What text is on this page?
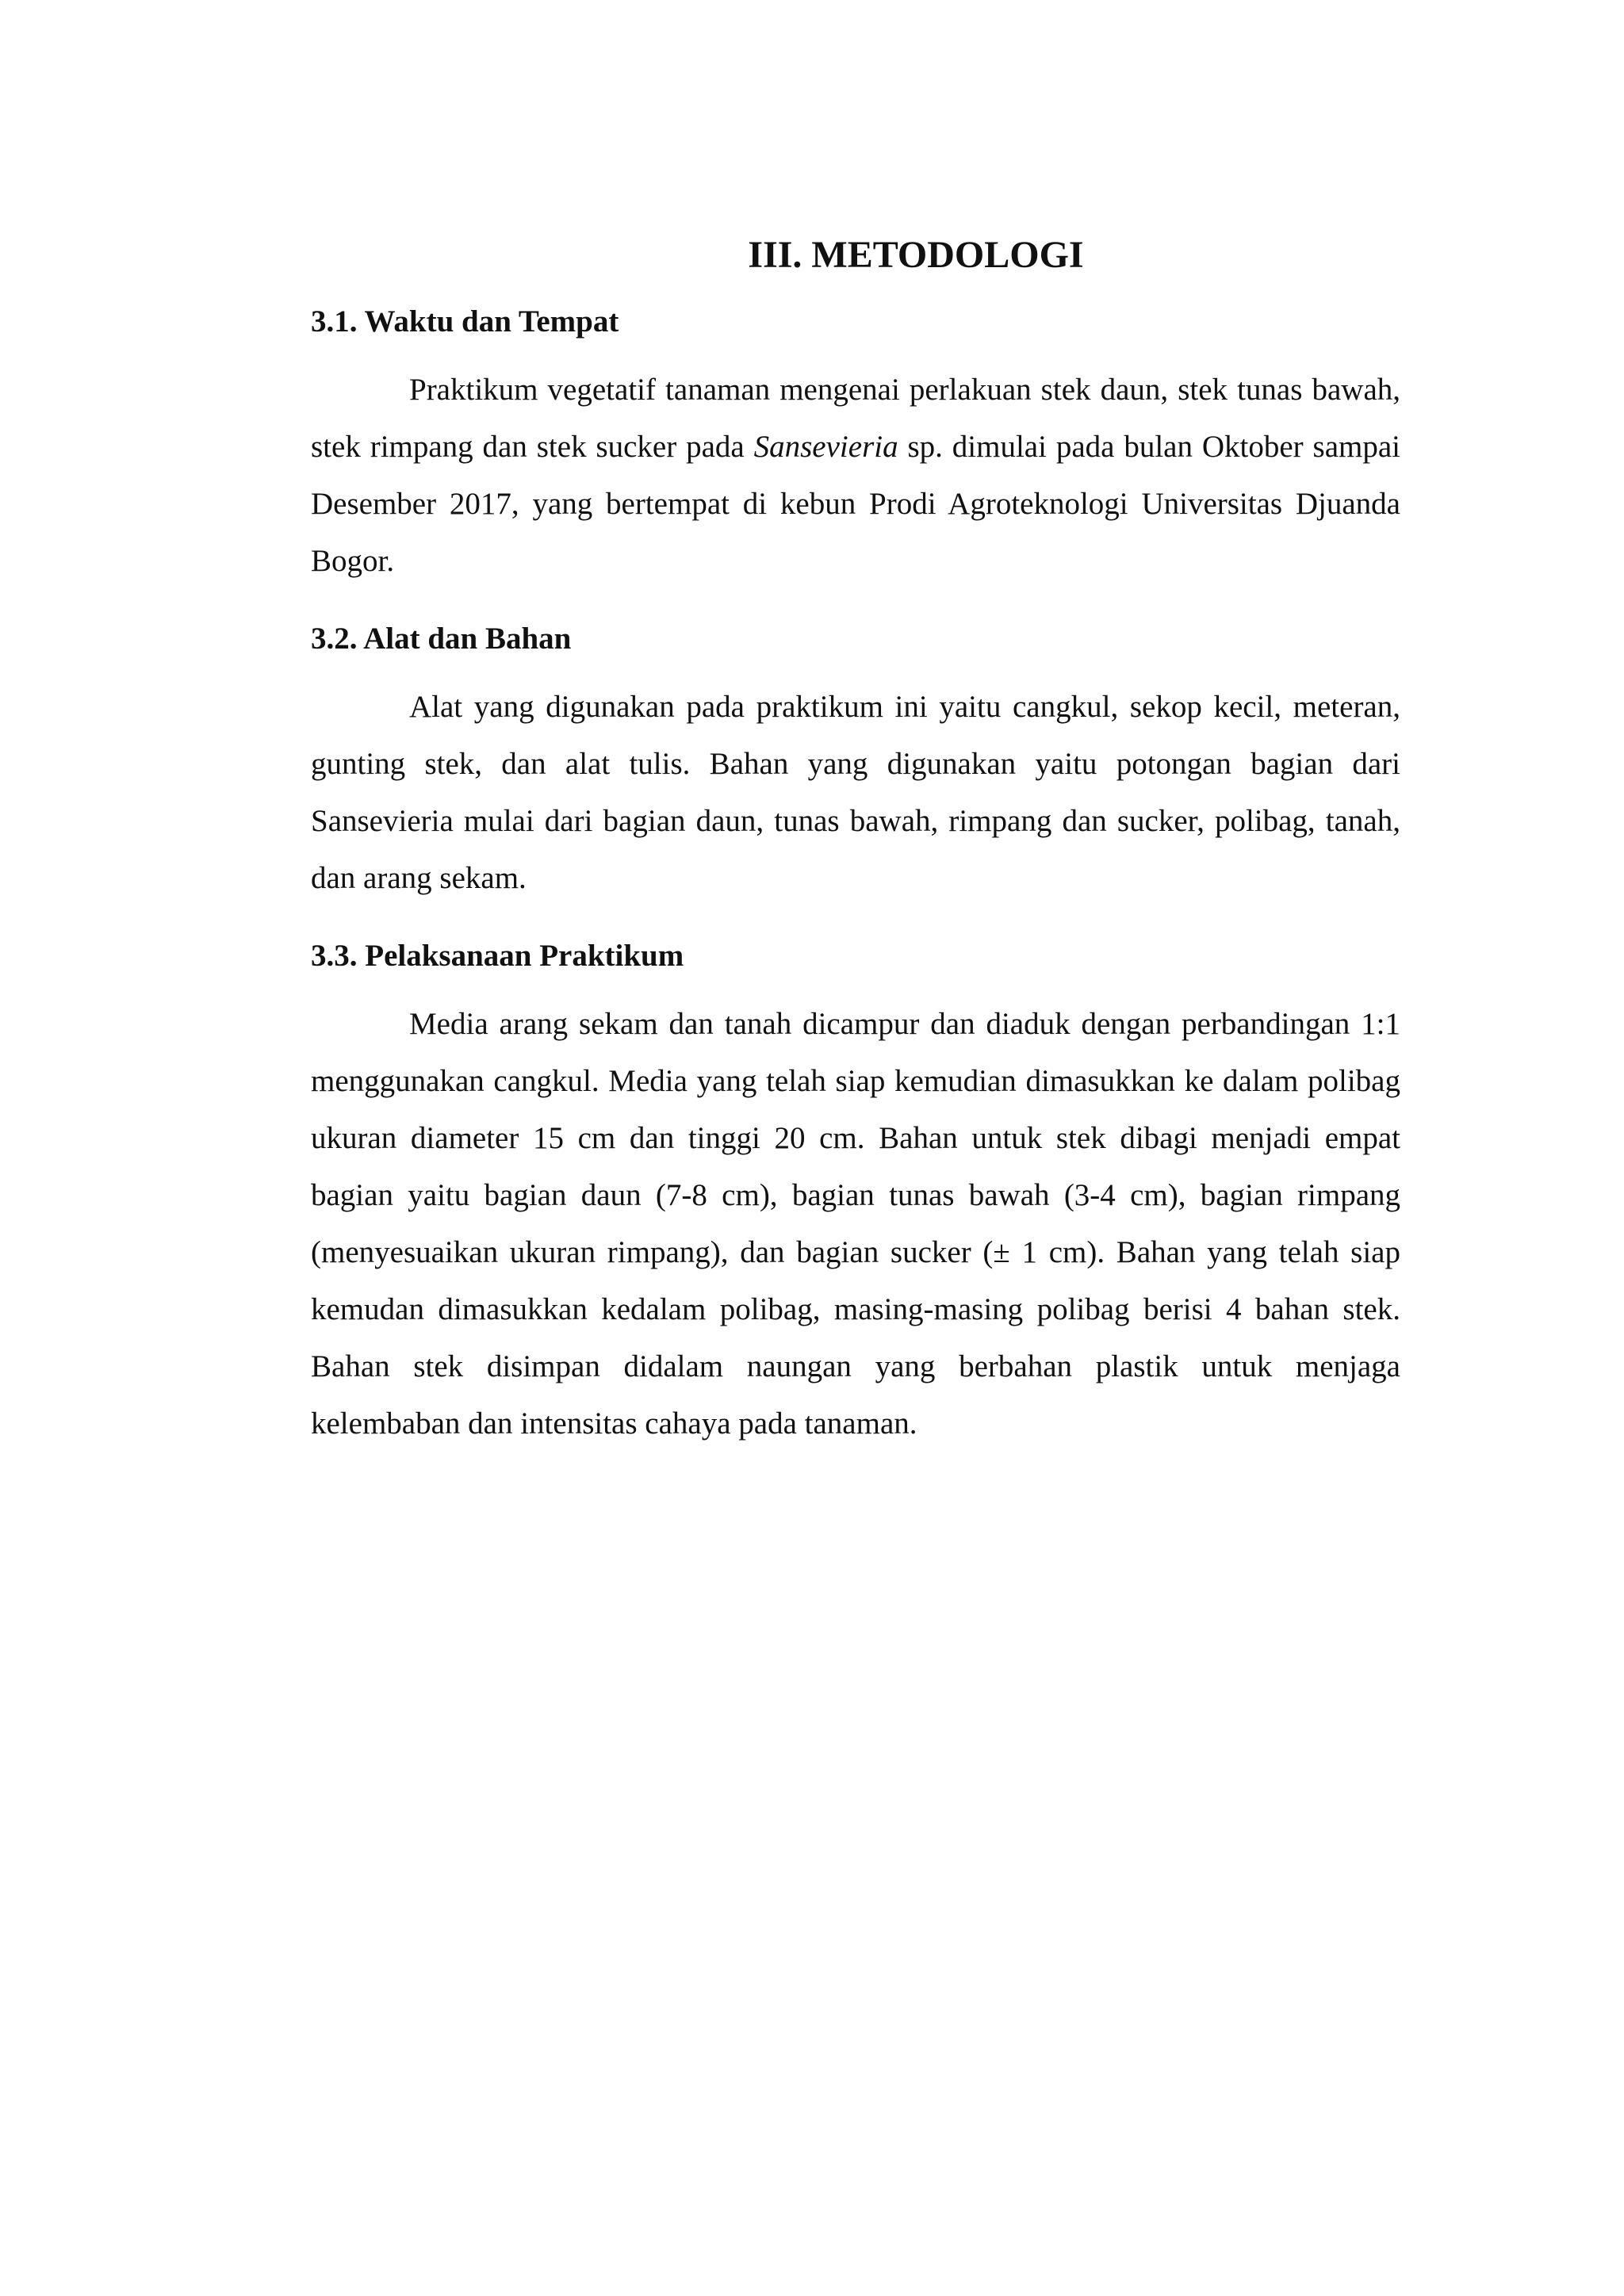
III. METODOLOGI
3.1. Waktu dan Tempat

Praktikum vegetatif tanaman mengenai perlakuan stek daun, stek tunas bawah, stek rimpang dan stek sucker pada Sansevieria sp. dimulai pada bulan Oktober sampai Desember 2017, yang bertempat di kebun Prodi Agroteknologi Universitas Djuanda Bogor.

3.2. Alat dan Bahan

Alat yang digunakan pada praktikum ini yaitu cangkul, sekop kecil, meteran, gunting stek, dan alat tulis. Bahan yang digunakan yaitu potongan bagian dari Sansevieria mulai dari bagian daun, tunas bawah, rimpang dan sucker, polibag, tanah, dan arang sekam.

3.3. Pelaksanaan Praktikum

Media arang sekam dan tanah dicampur dan diaduk dengan perbandingan 1:1 menggunakan cangkul. Media yang telah siap kemudian dimasukkan ke dalam polibag ukuran diameter 15 cm dan tinggi 20 cm. Bahan untuk stek dibagi menjadi empat bagian yaitu bagian daun (7-8 cm), bagian tunas bawah (3-4 cm), bagian rimpang (menyesuaikan ukuran rimpang), dan bagian sucker (± 1 cm). Bahan yang telah siap kemudan dimasukkan kedalam polibag, masing-masing polibag berisi 4 bahan stek. Bahan stek disimpan didalam naungan yang berbahan plastik untuk menjaga kelembaban dan intensitas cahaya pada tanaman.
